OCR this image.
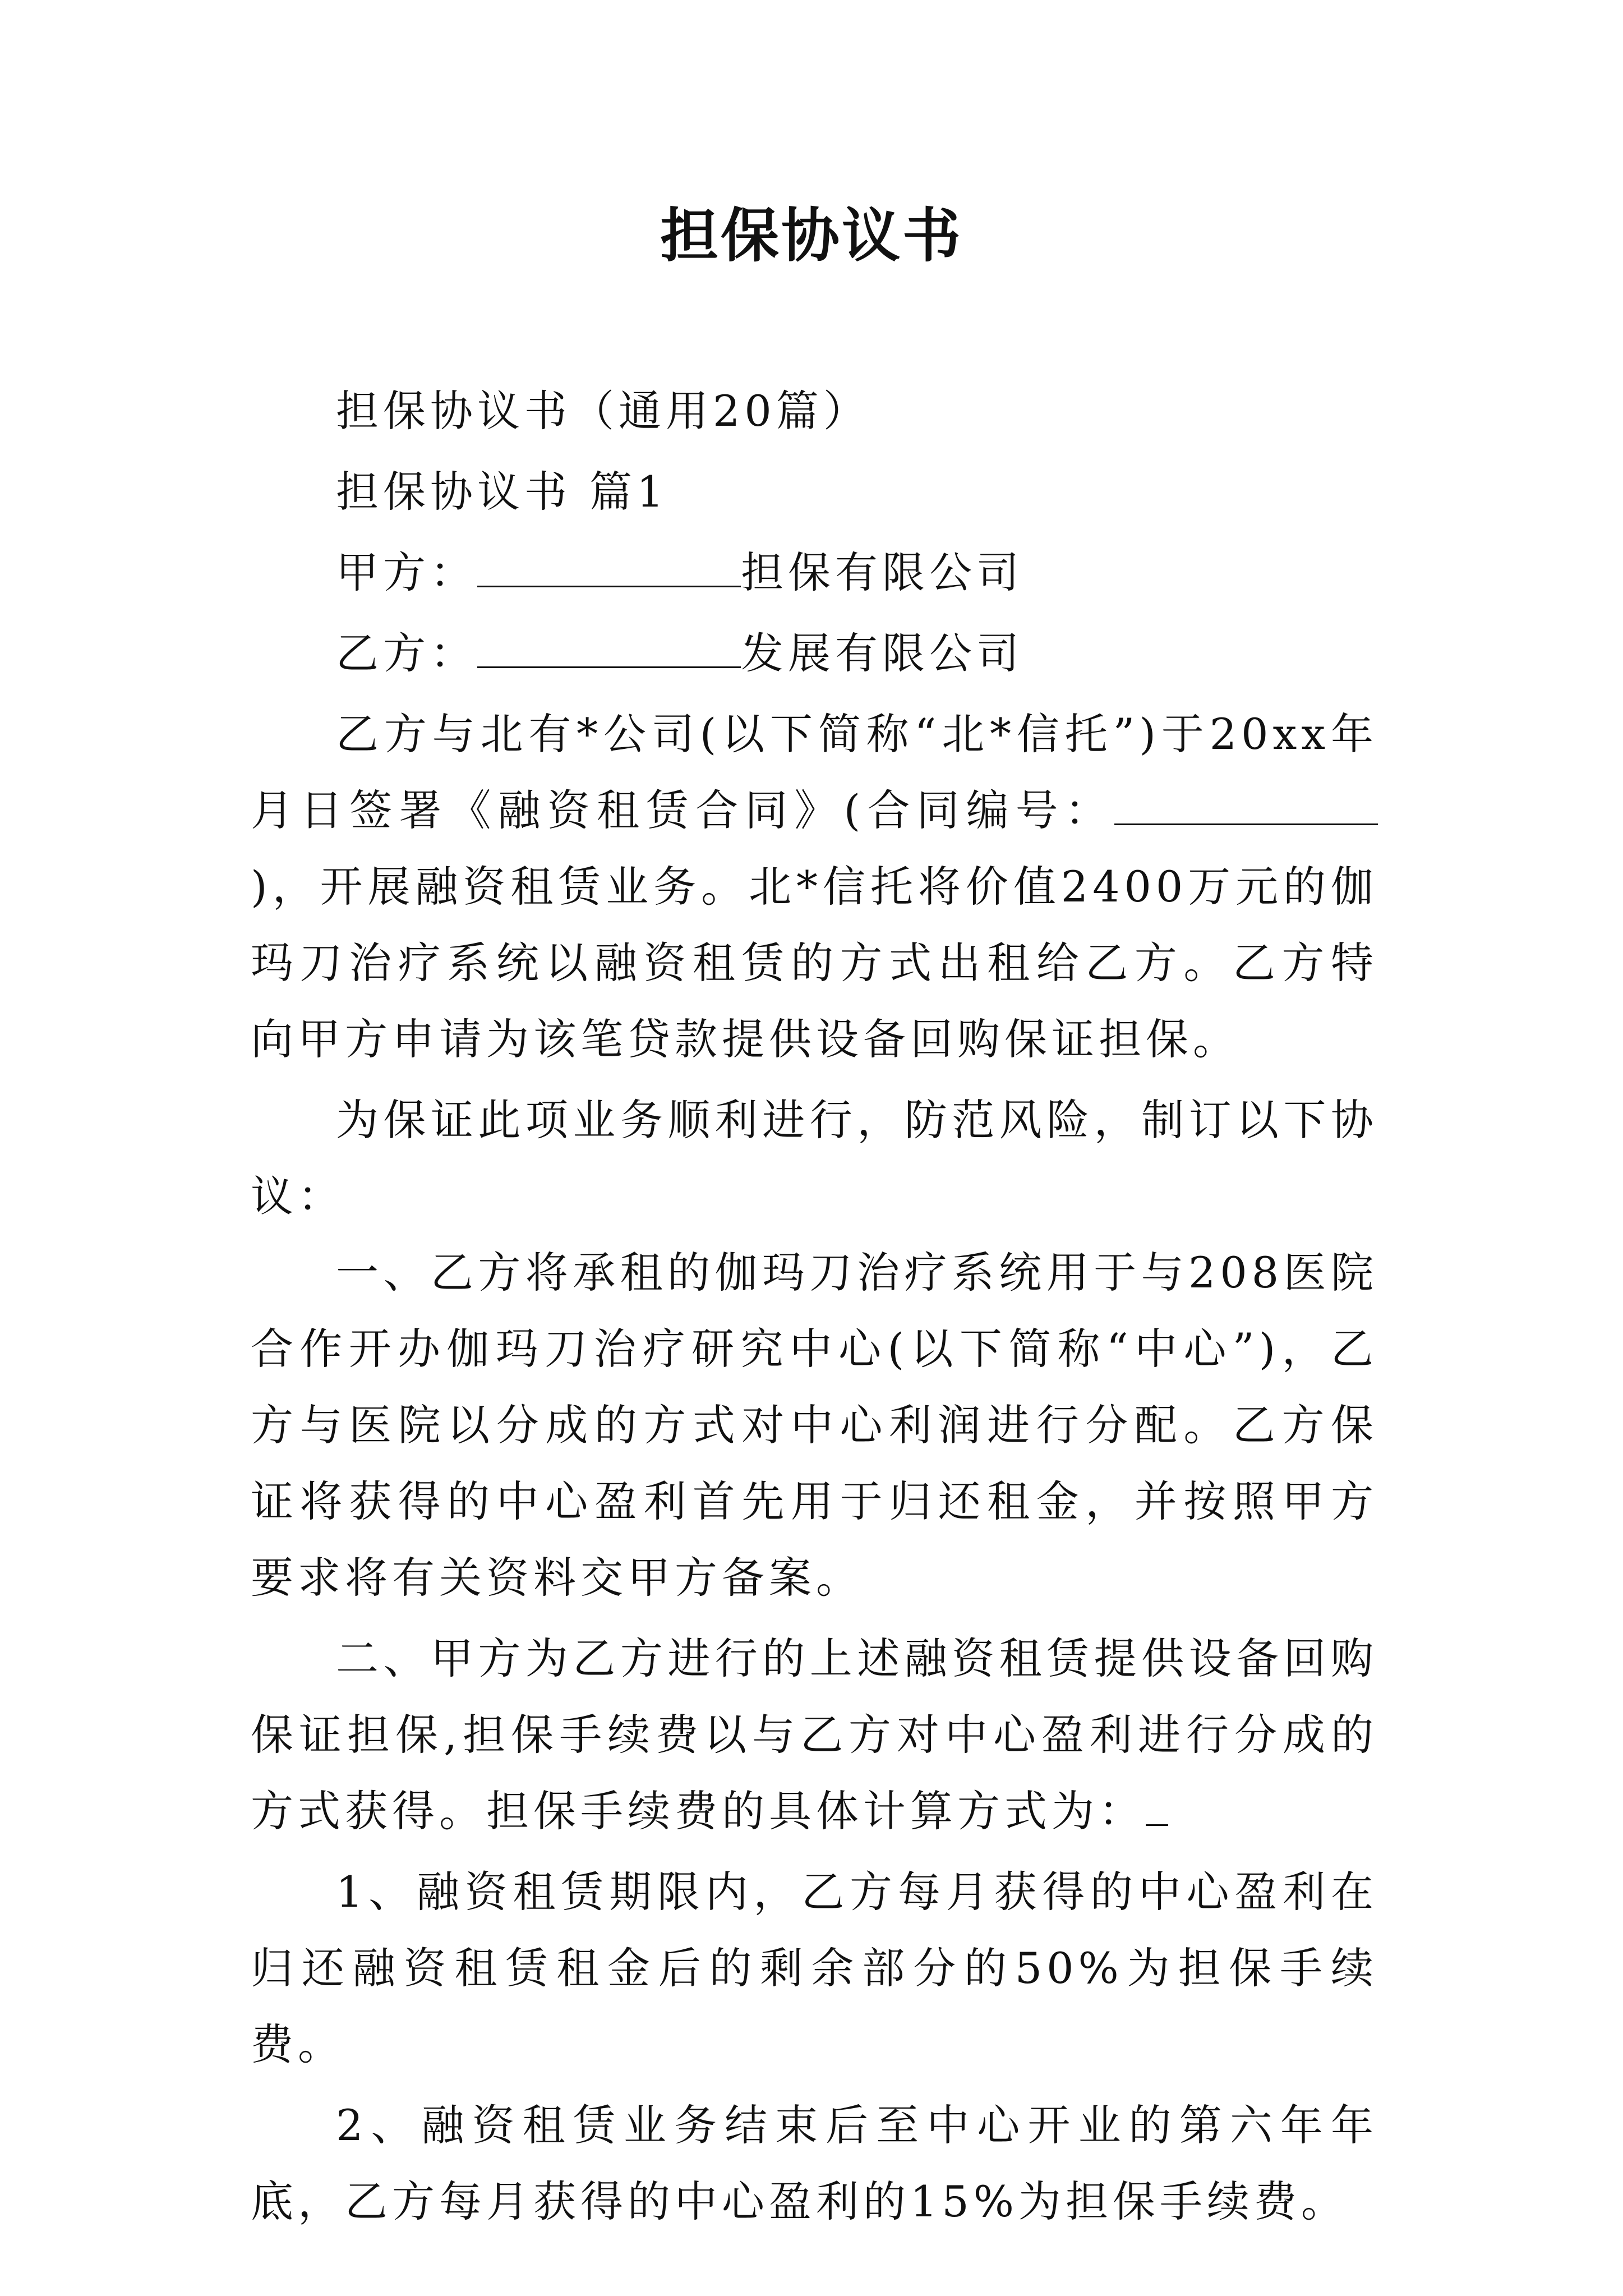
担保协议书

担保协议书（通用20篇）

担保协议书 篇1

甲方：	担保有限公司

乙方：	发展有限公司

乙方与北有*公司(以下简称“北*信托”)于20xx年月日签署《融资租赁合同》(合同编号：)，开展融资租赁业务。北*信托将价值2400万元的伽玛刀治疗系统以融资租赁的方式出租给乙方。乙方特向甲方申请为该笔贷款提供设备回购保证担保。

为保证此项业务顺利进行，防范风险，制订以下协议：

一、乙方将承租的伽玛刀治疗系统用于与208医院合作开办伽玛刀治疗研究中心(以下简称“中心”)，乙方与医院以分成的方式对中心利润进行分配。乙方保证将获得的中心盈利首先用于归还租金，并按照甲方要求将有关资料交甲方备案。

二、甲方为乙方进行的上述融资租赁提供设备回购保证担保,担保手续费以与乙方对中心盈利进行分成的方式获得。担保手续费的具体计算方式为：

1、融资租赁期限内，乙方每月获得的中心盈利在归还融资租赁租金后的剩余部分的50%为担保手续费。

2、融资租赁业务结束后至中心开业的第六年年底，乙方每月获得的中心盈利的15%为担保手续费。
